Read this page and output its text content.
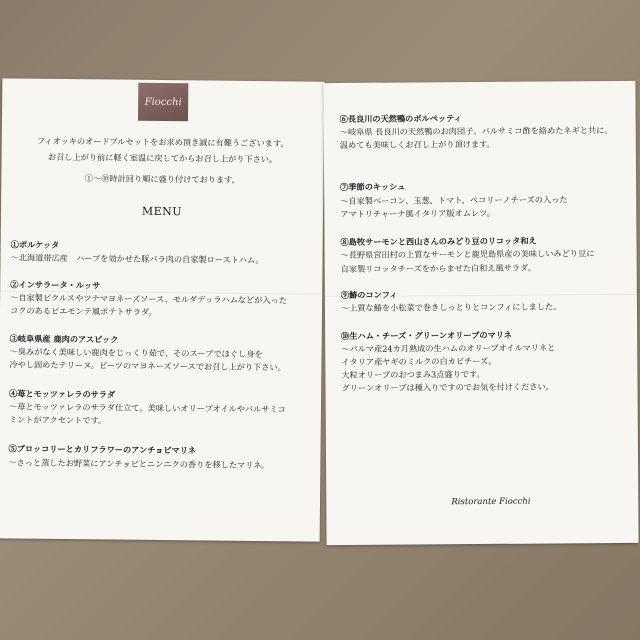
Fiocchi
フィオッキのオードブルセットをお求め頂き誠に有難うございます。
お召し上がり前に軽く室温に戻してからお召し上がり下さい。
①〜⑩時計回り順に盛り付けております。
MENU
①ポルケッタ
〜北海道帯広産　ハーブを効かせた豚バラ肉の自家製ローストハム。
②インサラータ・ルッサ
〜自家製ピクルスやツナマヨネーズソース、モルダデッラハムなどが入った
コクのあるピエモンテ風ポテトサラダ。
③岐阜県産 鹿肉のアスピック
〜臭みがなく美味しい鹿肉をじっくり茹で、そのスープでほぐし身を
冷やし固めたテリーヌ。ビーツのマヨネーズソースでお召し上がり下さい。
④苺とモッツァレラのサラダ
〜苺とモッツァレラのサラダ仕立て。美味しいオリーブオイルやバルサミコ
ミントがアクセントです。
⑤ブロッコリーとカリフラワーのアンチョビマリネ
〜さっと蒸したお野菜にアンチョビとニンニクの香りを移したマリネ。
⑥長良川の天然鴨のポルペッティ
〜岐阜県 長良川の天然鴨のお肉団子。バルサミコ酢を絡めたネギと共に。
温めても美味しくお召し上がり頂けます。
⑦季節のキッシュ
〜自家製ベーコン、玉葱、トマト、ペコリーノチーズの入った
アマトリチャーナ風イタリア版オムレツ。
⑧島牧サーモンと西山さんのみどり豆のリコッタ和え
〜長野県宮田村の上質なサーモンと鹿児島県産の美味しいみどり豆に
自家製リコッタチーズをからませた白和え風サラダ。
⑨鰆のコンフィ
〜上質な鰆を小松菜で巻きしっとりとコンフィにしました。
⑩生ハム・チーズ・グリーンオリーブのマリネ
〜パルマ産24カ月熟成の生ハムのオリーブオイルマリネと
イタリア産ヤギのミルクの白カビチーズ。
大粒オリーブのおつまみ3点盛りです。
グリーンオリーブは種入りですのでお気を付けください。
Ristorante Fiocchi
